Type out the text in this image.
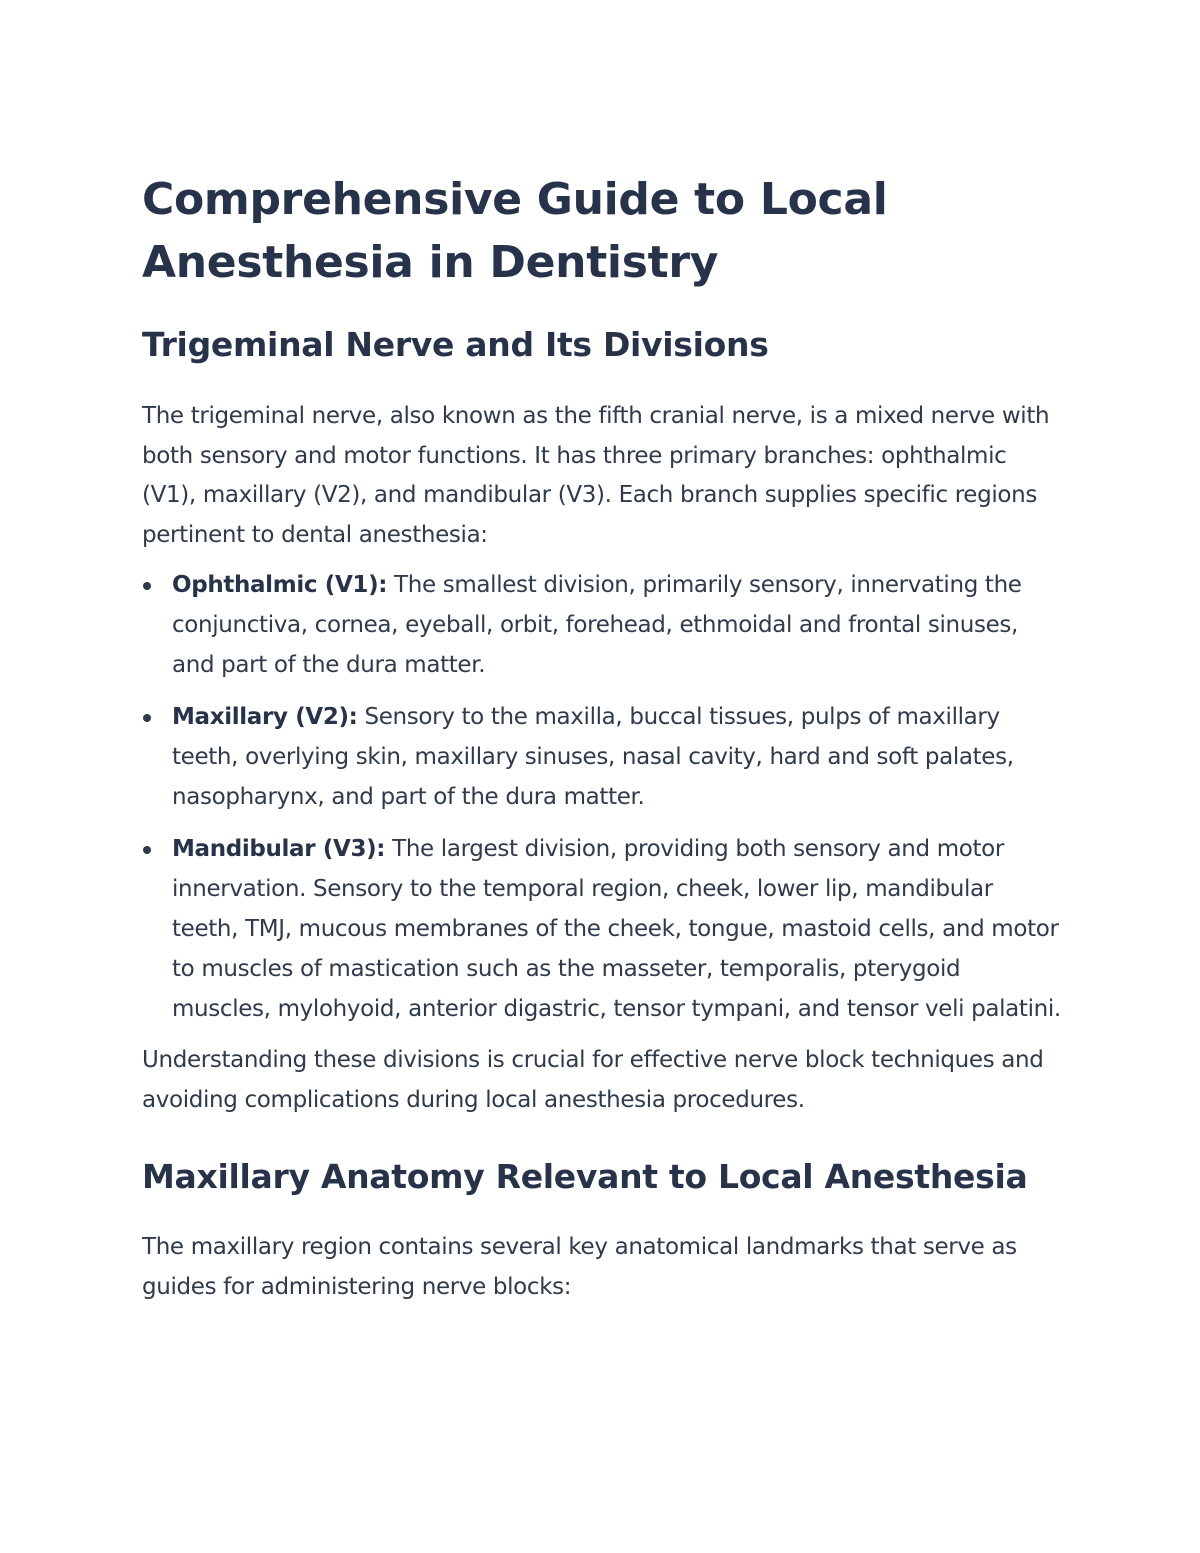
Comprehensive Guide to Local Anesthesia in Dentistry
Trigeminal Nerve and Its Divisions

The trigeminal nerve, also known as the fifth cranial nerve, is a mixed nerve with both sensory and motor functions. It has three primary branches: ophthalmic (V1), maxillary (V2), and mandibular (V3). Each branch supplies specific regions pertinent to dental anesthesia:

Ophthalmic (V1): The smallest division, primarily sensory, innervating the conjunctiva, cornea, eyeball, orbit, forehead, ethmoidal and frontal sinuses, and part of the dura matter.
Maxillary (V2): Sensory to the maxilla, buccal tissues, pulps of maxillary teeth, overlying skin, maxillary sinuses, nasal cavity, hard and soft palates, nasopharynx, and part of the dura matter.
Mandibular (V3): The largest division, providing both sensory and motor innervation. Sensory to the temporal region, cheek, lower lip, mandibular teeth, TMJ, mucous membranes of the cheek, tongue, mastoid cells, and motor to muscles of mastication such as the masseter, temporalis, pterygoid muscles, mylohyoid, anterior digastric, tensor tympani, and tensor veli palatini.

Understanding these divisions is crucial for effective nerve block techniques and avoiding complications during local anesthesia procedures.

Maxillary Anatomy Relevant to Local Anesthesia

The maxillary region contains several key anatomical landmarks that serve as guides for administering nerve blocks:
